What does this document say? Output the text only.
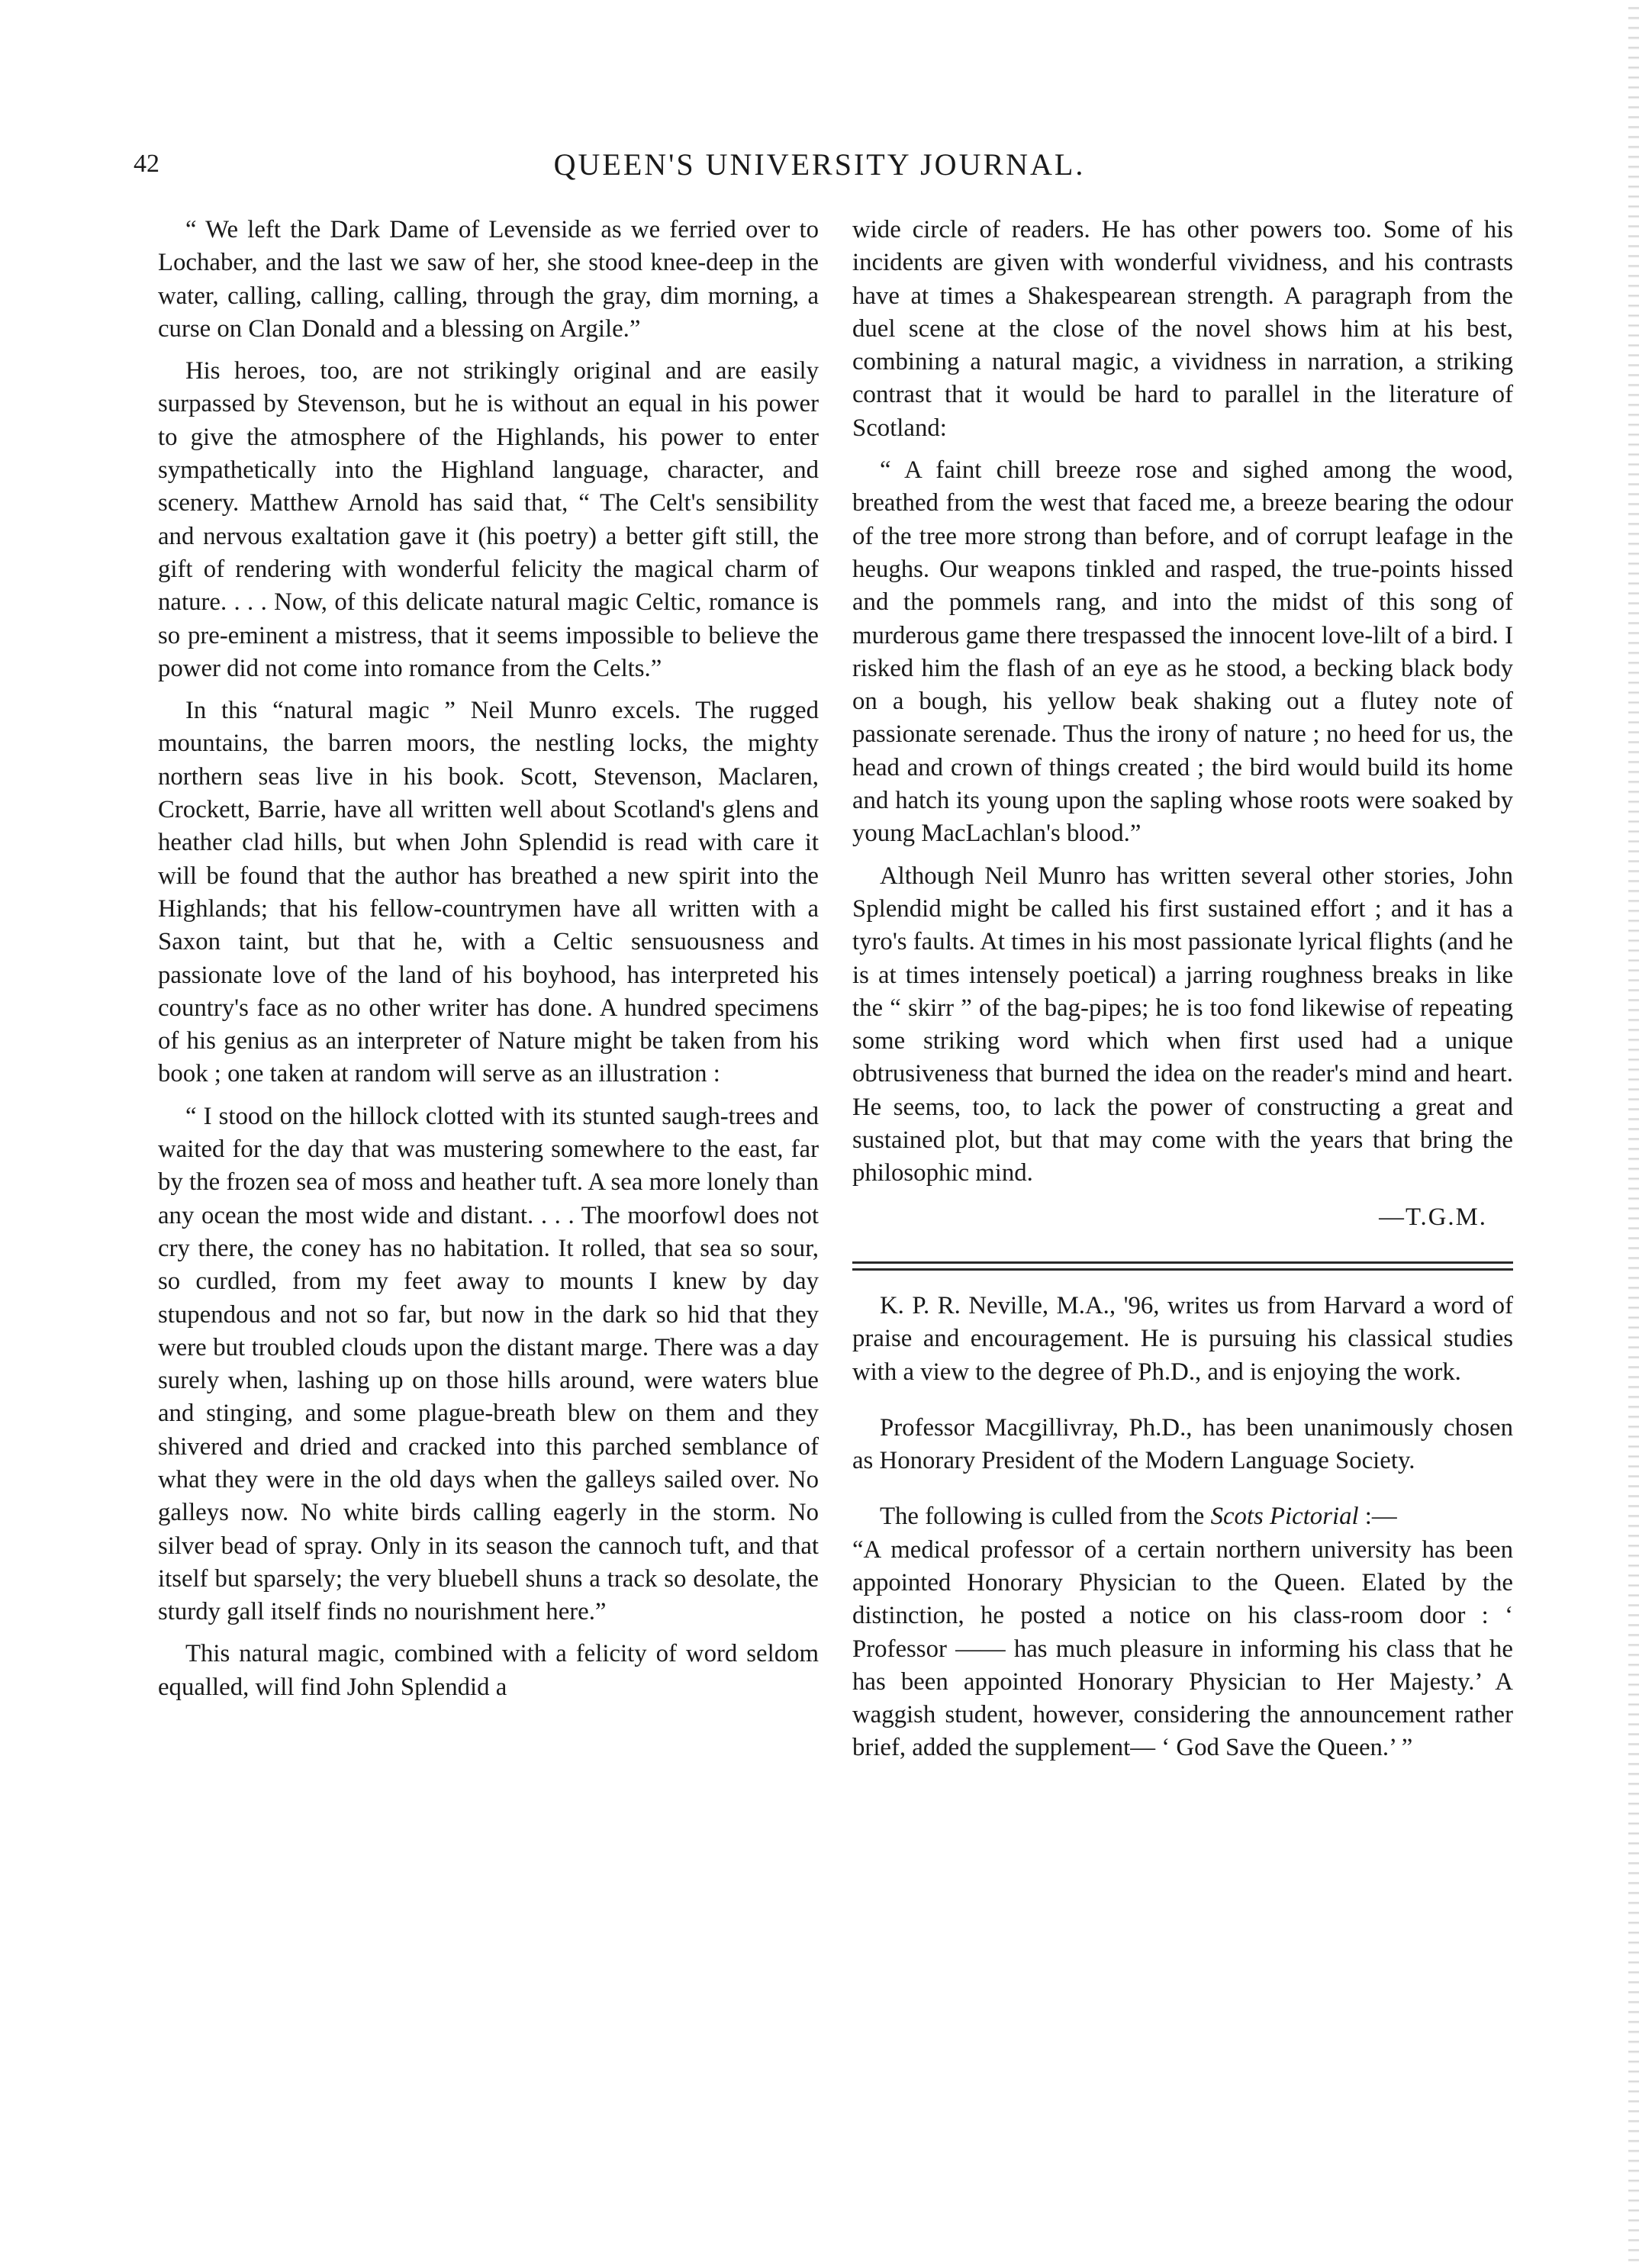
42	QUEEN'S UNIVERSITY JOURNAL.

“ We left the Dark Dame of Levenside as we ferried over to Lochaber, and the last we saw of her, she stood knee-deep in the water, calling, calling, calling, through the gray, dim morning, a curse on Clan Donald and a blessing on Argile.”

His heroes, too, are not strikingly original and are easily surpassed by Stevenson, but he is without an equal in his power to give the atmosphere of the Highlands, his power to enter sympathetically into the Highland language, character, and scenery. Matthew Arnold has said that, “ The Celt's sensibility and nervous exaltation gave it (his poetry) a better gift still, the gift of rendering with wonderful felicity the magical charm of nature. . . . Now, of this delicate natural magic Celtic, romance is so pre-eminent a mistress, that it seems impossible to believe the power did not come into romance from the Celts.”

In this “natural magic ” Neil Munro excels. The rugged mountains, the barren moors, the nestling locks, the mighty northern seas live in his book. Scott, Stevenson, Maclaren, Crockett, Barrie, have all written well about Scotland's glens and heather clad hills, but when John Splendid is read with care it will be found that the author has breathed a new spirit into the Highlands; that his fellow-countrymen have all written with a Saxon taint, but that he, with a Celtic sensuousness and passionate love of the land of his boyhood, has interpreted his country's face as no other writer has done. A hundred specimens of his genius as an interpreter of Nature might be taken from his book ; one taken at random will serve as an illustration :

“ I stood on the hillock clotted with its stunted saugh-trees and waited for the day that was mustering somewhere to the east, far by the frozen sea of moss and heather tuft. A sea more lonely than any ocean the most wide and distant. . . . The moorfowl does not cry there, the coney has no habitation. It rolled, that sea so sour, so curdled, from my feet away to mounts I knew by day stupendous and not so far, but now in the dark so hid that they were but troubled clouds upon the distant marge. There was a day surely when, lashing up on those hills around, were waters blue and stinging, and some plague-breath blew on them and they shivered and dried and cracked into this parched semblance of what they were in the old days when the galleys sailed over. No galleys now. No white birds calling eagerly in the storm. No silver bead of spray. Only in its season the cannoch tuft, and that itself but sparsely; the very bluebell shuns a track so desolate, the sturdy gall itself finds no nourishment here.”

This natural magic, combined with a felicity of word seldom equalled, will find John Splendid a

wide circle of readers. He has other powers too. Some of his incidents are given with wonderful vividness, and his contrasts have at times a Shakespearean strength. A paragraph from the duel scene at the close of the novel shows him at his best, combining a natural magic, a vividness in narration, a striking contrast that it would be hard to parallel in the literature of Scotland:

“ A faint chill breeze rose and sighed among the wood, breathed from the west that faced me, a breeze bearing the odour of the tree more strong than before, and of corrupt leafage in the heughs. Our weapons tinkled and rasped, the true-points hissed and the pommels rang, and into the midst of this song of murderous game there trespassed the innocent love-lilt of a bird. I risked him the flash of an eye as he stood, a becking black body on a bough, his yellow beak shaking out a flutey note of passionate serenade. Thus the irony of nature ; no heed for us, the head and crown of things created ; the bird would build its home and hatch its young upon the sapling whose roots were soaked by young MacLachlan's blood.”

Although Neil Munro has written several other stories, John Splendid might be called his first sustained effort ; and it has a tyro's faults. At times in his most passionate lyrical flights (and he is at times intensely poetical) a jarring roughness breaks in like the “ skirr ” of the bag-pipes; he is too fond likewise of repeating some striking word which when first used had a unique obtrusiveness that burned the idea on the reader's mind and heart. He seems, too, to lack the power of constructing a great and sustained plot, but that may come with the years that bring the philosophic mind.

—T.G.M.

K. P. R. Neville, M.A., '96, writes us from Harvard a word of praise and encouragement. He is pursuing his classical studies with a view to the degree of Ph.D., and is enjoying the work.

Professor Macgillivray, Ph.D., has been unanimously chosen as Honorary President of the Modern Language Society.

The following is culled from the Scots Pictorial :—
“A medical professor of a certain northern university has been appointed Honorary Physician to the Queen. Elated by the distinction, he posted a notice on his class-room door : ‘ Professor —— has much pleasure in informing his class that he has been appointed Honorary Physician to Her Majesty.’ A waggish student, however, considering the announcement rather brief, added the supplement— ‘ God Save the Queen.’ ”
